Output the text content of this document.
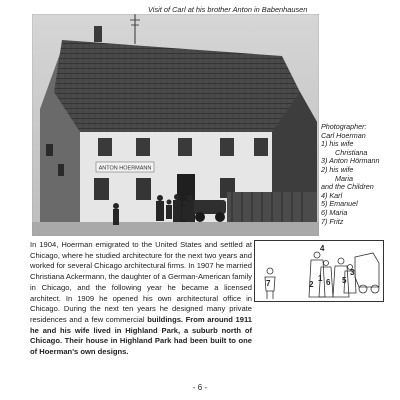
Visit of Carl at his brother Anton in Babenhausen
ANTON HOERMANN
Photographer:
Carl Hoerman
1) his wife
Christiana
3) Anton Hörmann
2) his wife
Maria
and the Children
4) Karl
5) Emanuel
6) Maria
7) Fritz
In 1904, Hoerman emigrated to the United States and settled at Chicago, where he studied architecture for the next two years and worked for several Chicago architectural firms. In 1907 he married Christiana Ackermann, the daughter of a German-American family in Chicago, and the following year he became a licensed architect. In 1909 he opened his own architectural office in Chicago. During the next ten years he designed many private residences and a few commercial buildings. From around 1911 he and his wife lived in Highland Park, a suburb north of Chicago. Their house in Highland Park had been built to one of Hoerman's own designs.
7	2
1
4
6 5
3
- 6 -
